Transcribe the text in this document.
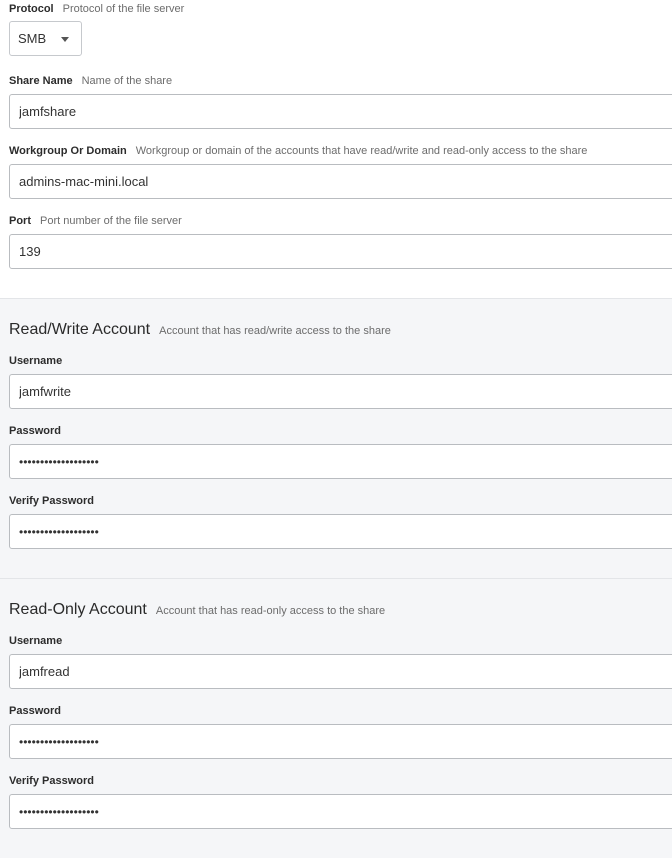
Protocol Protocol of the file server
SMB
Share Name Name of the share
jamfshare
Workgroup Or Domain Workgroup or domain of the accounts that have read/write and read-only access to the share
admins-mac-mini.local
Port Port number of the file server
139
Read/Write Account Account that has read/write access to the share
Username
jamfwrite
Password
•••••••••••••••••••
Verify Password
•••••••••••••••••••
Read-Only Account Account that has read-only access to the share
Username
jamfread
Password
•••••••••••••••••••
Verify Password
•••••••••••••••••••
